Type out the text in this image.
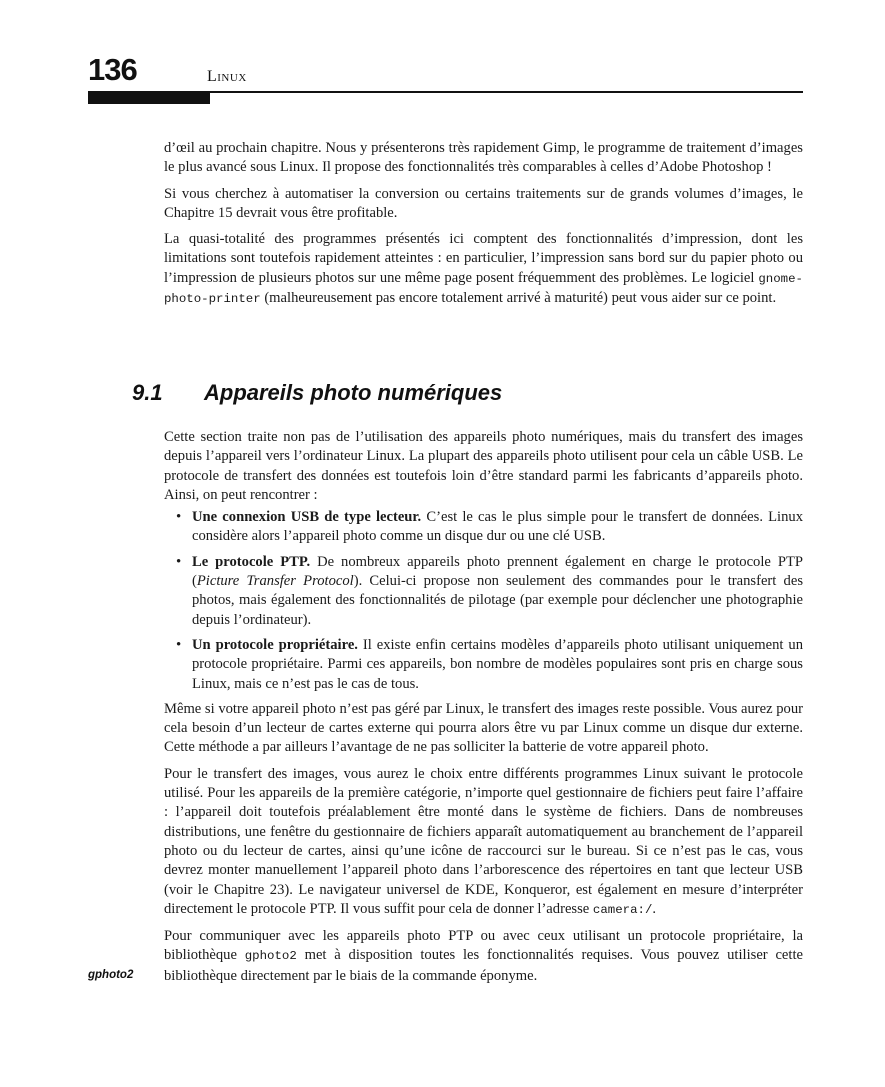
136	Linux

d’œil au prochain chapitre. Nous y présenterons très rapidement Gimp, le programme de traitement d’images le plus avancé sous Linux. Il propose des fonctionnalités très comparables à celles d’Adobe Photoshop !

Si vous cherchez à automatiser la conversion ou certains traitements sur de grands volumes d’images, le Chapitre 15 devrait vous être profitable.

La quasi-totalité des programmes présentés ici comptent des fonctionnalités d’impression, dont les limitations sont toutefois rapidement atteintes : en particulier, l’impression sans bord sur du papier photo ou l’impression de plusieurs photos sur une même page posent fréquemment des problèmes. Le logiciel gnome-photo-printer (malheureusement pas encore totalement arrivé à maturité) peut vous aider sur ce point.

9.1 Appareils photo numériques

Cette section traite non pas de l’utilisation des appareils photo numériques, mais du transfert des images depuis l’appareil vers l’ordinateur Linux. La plupart des appareils photo utilisent pour cela un câble USB. Le protocole de transfert des données est toutefois loin d’être standard parmi les fabricants d’appareils photo. Ainsi, on peut rencontrer :

• Une connexion USB de type lecteur. C’est le cas le plus simple pour le transfert de données. Linux considère alors l’appareil photo comme un disque dur ou une clé USB.
• Le protocole PTP. De nombreux appareils photo prennent également en charge le protocole PTP (Picture Transfer Protocol). Celui-ci propose non seulement des commandes pour le transfert des photos, mais également des fonctionnalités de pilotage (par exemple pour déclencher une photographie depuis l’ordinateur).
• Un protocole propriétaire. Il existe enfin certains modèles d’appareils photo utilisant uniquement un protocole propriétaire. Parmi ces appareils, bon nombre de modèles populaires sont pris en charge sous Linux, mais ce n’est pas le cas de tous.

Même si votre appareil photo n’est pas géré par Linux, le transfert des images reste possible. Vous aurez pour cela besoin d’un lecteur de cartes externe qui pourra alors être vu par Linux comme un disque dur externe. Cette méthode a par ailleurs l’avantage de ne pas solliciter la batterie de votre appareil photo.

Pour le transfert des images, vous aurez le choix entre différents programmes Linux suivant le protocole utilisé. Pour les appareils de la première catégorie, n’importe quel gestionnaire de fichiers peut faire l’affaire : l’appareil doit toutefois préalablement être monté dans le système de fichiers. Dans de nombreuses distributions, une fenêtre du gestionnaire de fichiers apparaît automatiquement au branchement de l’appareil photo ou du lecteur de cartes, ainsi qu’une icône de raccourci sur le bureau. Si ce n’est pas le cas, vous devrez monter manuellement l’appareil photo dans l’arborescence des répertoires en tant que lecteur USB (voir le Chapitre 23). Le navigateur universel de KDE, Konqueror, est également en mesure d’interpréter directement le protocole PTP. Il vous suffit pour cela de donner l’adresse camera:/.

Pour communiquer avec les appareils photo PTP ou avec ceux utilisant un protocole propriétaire, la bibliothèque gphoto2 met à disposition toutes les fonctionnalités requises. Vous pouvez utiliser cette bibliothèque directement par le biais de la commande éponyme.

gphoto2
